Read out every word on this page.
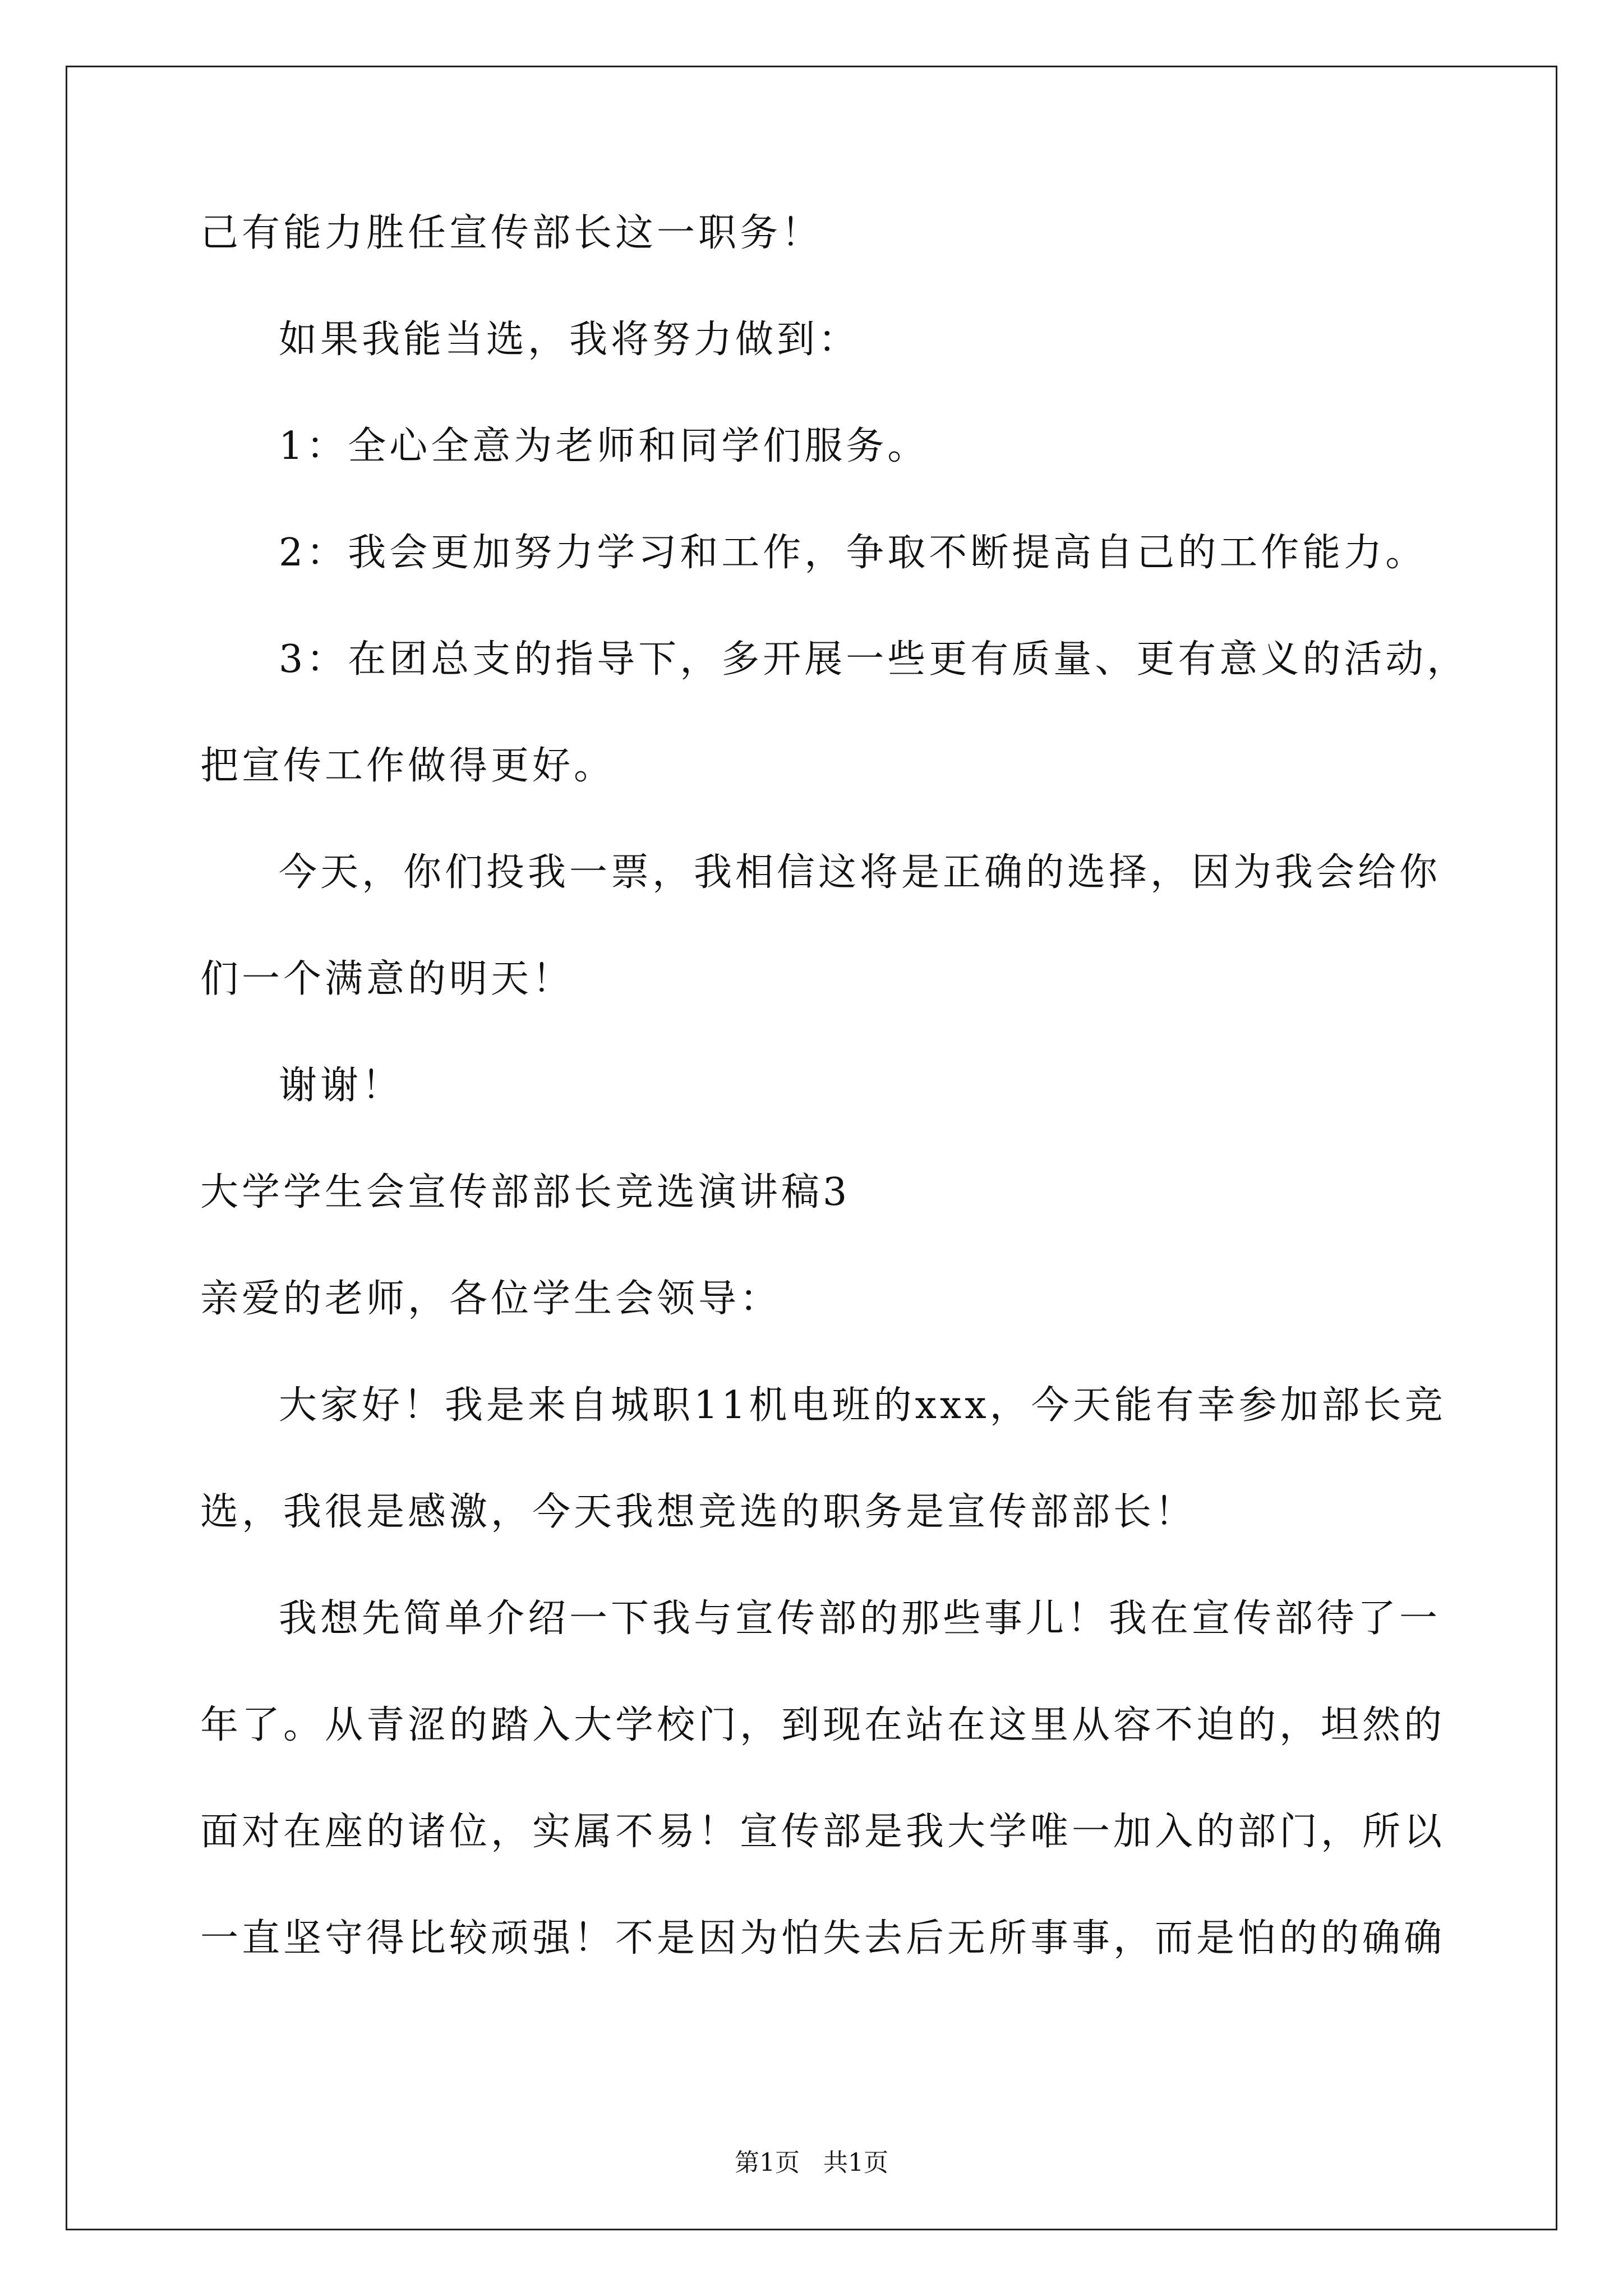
己有能力胜任宣传部长这一职务！
如果我能当选，我将努力做到：
1：全心全意为老师和同学们服务。
2：我会更加努力学习和工作，争取不断提高自己的工作能力。
3：在团总支的指导下，多开展一些更有质量、更有意义的活动，
把宣传工作做得更好。
今天，你们投我一票，我相信这将是正确的选择，因为我会给你
们一个满意的明天！
谢谢！
大学学生会宣传部部长竞选演讲稿3
亲爱的老师，各位学生会领导：
大家好！我是来自城职11机电班的xxx，今天能有幸参加部长竞
选，我很是感激，今天我想竞选的职务是宣传部部长！
我想先简单介绍一下我与宣传部的那些事儿！我在宣传部待了一
年了。从青涩的踏入大学校门，到现在站在这里从容不迫的，坦然的
面对在座的诸位，实属不易！宣传部是我大学唯一加入的部门，所以
一直坚守得比较顽强！不是因为怕失去后无所事事，而是怕的的确确
第1页   共1页
